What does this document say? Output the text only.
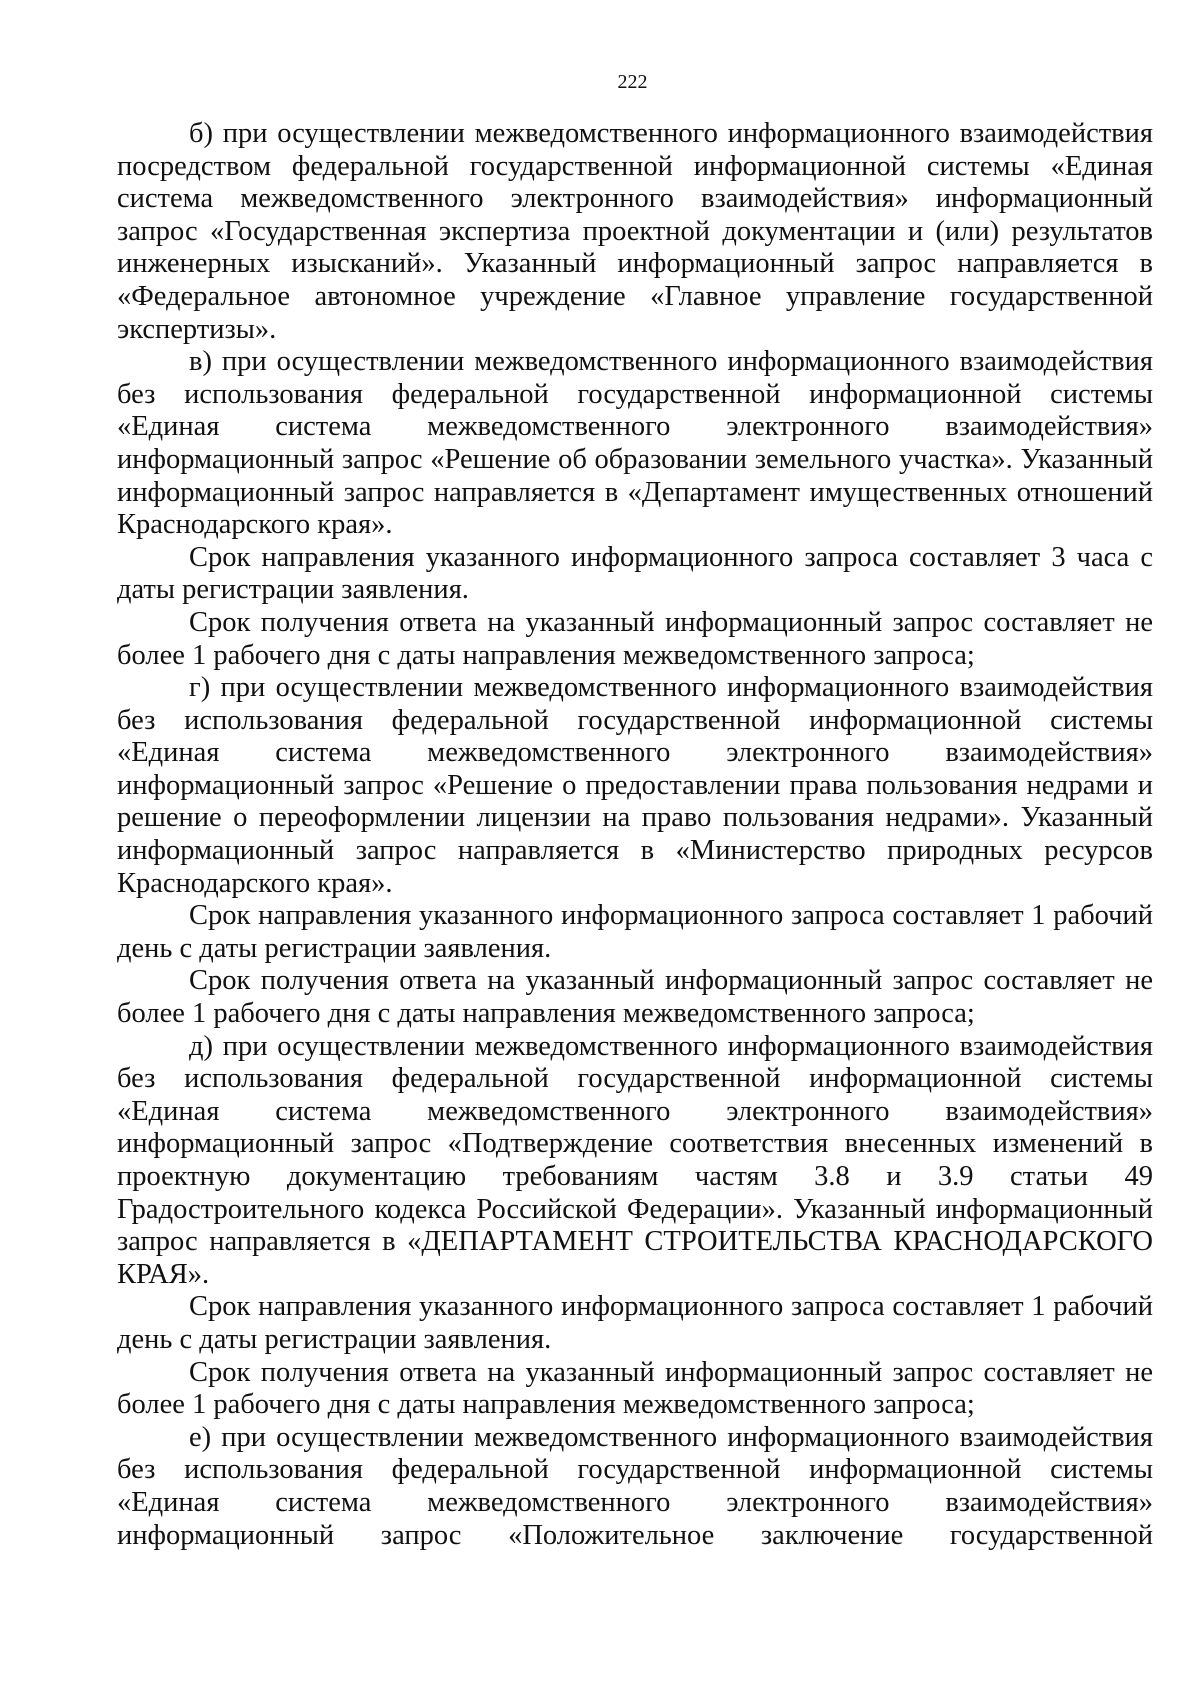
222

б) при осуществлении межведомственного информационного взаимодействия посредством федеральной государственной информационной системы «Единая система межведомственного электронного взаимодействия» информационный запрос «Государственная экспертиза проектной документации и (или) результатов инженерных изысканий». Указанный информационный запрос направляется в «Федеральное автономное учреждение «Главное управление государственной экспертизы».

в) при осуществлении межведомственного информационного взаимодействия без использования федеральной государственной информационной системы «Единая система межведомственного электронного взаимодействия» информационный запрос «Решение об образовании земельного участка». Указанный информационный запрос направляется в «Департамент имущественных отношений Краснодарского края».

Срок направления указанного информационного запроса составляет 3 часа с даты регистрации заявления.

Срок получения ответа на указанный информационный запрос составляет не более 1 рабочего дня с даты направления межведомственного запроса;

г) при осуществлении межведомственного информационного взаимодействия без использования федеральной государственной информационной системы «Единая система межведомственного электронного взаимодействия» информационный запрос «Решение о предоставлении права пользования недрами и решение о переоформлении лицензии на право пользования недрами». Указанный информационный запрос направляется в «Министерство природных ресурсов Краснодарского края».

Срок направления указанного информационного запроса составляет 1 рабочий день с даты регистрации заявления.

Срок получения ответа на указанный информационный запрос составляет не более 1 рабочего дня с даты направления межведомственного запроса;

д) при осуществлении межведомственного информационного взаимодействия без использования федеральной государственной информационной системы «Единая система межведомственного электронного взаимодействия» информационный запрос «Подтверждение соответствия внесенных изменений в проектную документацию требованиям частям 3.8 и 3.9 статьи 49 Градостроительного кодекса Российской Федерации». Указанный информационный запрос направляется в «ДЕПАРТАМЕНТ СТРОИТЕЛЬСТВА КРАСНОДАРСКОГО КРАЯ».

Срок направления указанного информационного запроса составляет 1 рабочий день с даты регистрации заявления.

Срок получения ответа на указанный информационный запрос составляет не более 1 рабочего дня с даты направления межведомственного запроса;

е) при осуществлении межведомственного информационного взаимодействия без использования федеральной государственной информационной системы «Единая система межведомственного электронного взаимодействия» информационный запрос «Положительное заключение государственной
